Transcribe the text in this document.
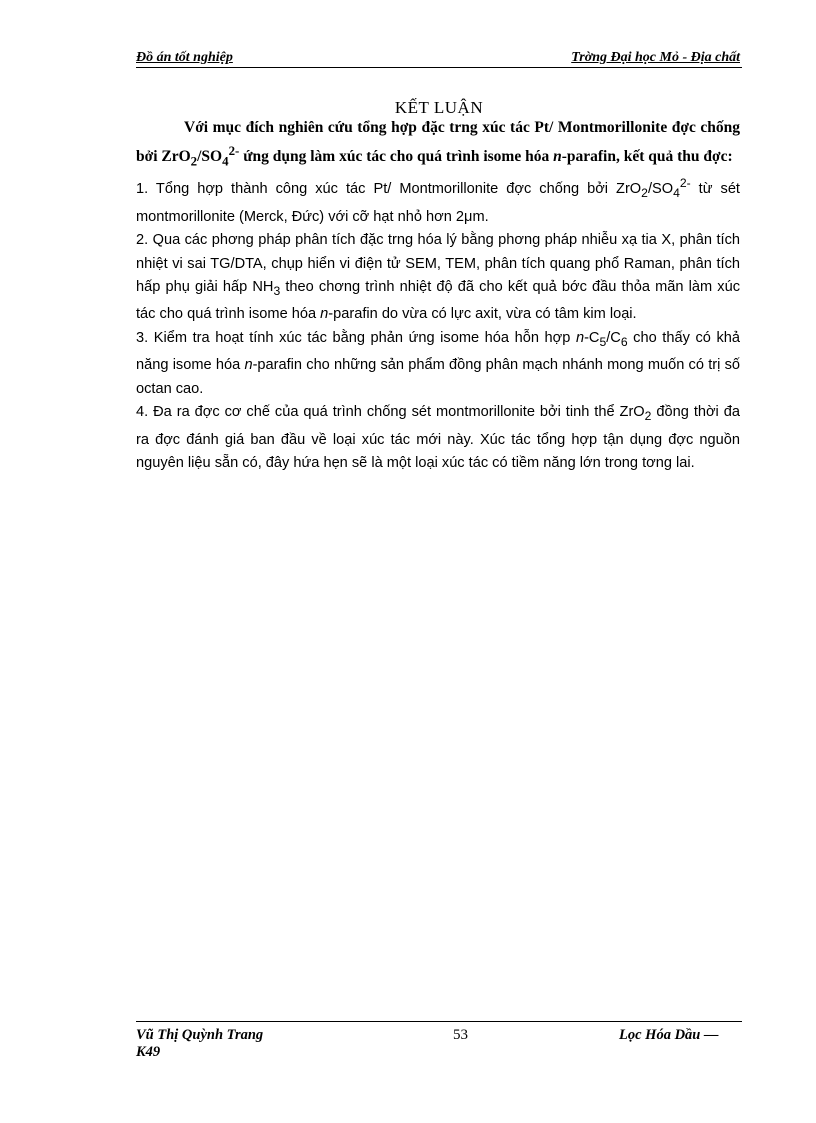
Đồ án tốt nghiệp	Trờng Đại học Mỏ - Địa chất
KẾT LUẬN

Với mục đích nghiên cứu tổng hợp đặc trng xúc tác Pt/ Montmorillonite đợc chống bởi $ZrO_2/SO_4^{2-}$ ứng dụng làm xúc tác cho quá trình isome hóa n-parafin, kết quả thu đợc:

1. Tổng hợp thành công xúc tác Pt/ Montmorillonite đợc chống bởi $ZrO_2/SO_4^{2-}$ từ sét montmorillonite (Merck, Đức) với cỡ hạt nhỏ hơn 2μm.

2. Qua các phơng pháp phân tích đặc trng hóa lý bằng phơng pháp nhiễu xạ tia X, phân tích nhiệt vi sai TG/DTA, chụp hiển vi điện tử SEM, TEM, phân tích quang phổ Raman, phân tích hấp phụ giải hấp $NH_3$ theo chơng trình nhiệt độ đã cho kết quả bớc đầu thỏa mãn làm xúc tác cho quá trình isome hóa n-parafin do vừa có lực axit, vừa có tâm kim loại.

3. Kiểm tra hoạt tính xúc tác bằng phản ứng isome hóa hỗn hợp $n-C_5/C_6$ cho thấy có khả năng isome hóa n-parafin cho những sản phẩm đồng phân mạch nhánh mong muốn có trị số octan cao.

4. Đa ra đợc cơ chế của quá trình chống sét montmorillonite bởi tinh thể ZrO$_2$ đồng thời đa ra đợc đánh giá ban đầu về loại xúc tác mới này. Xúc tác tổng hợp tận dụng đợc nguồn nguyên liệu sẵn có, đây hứa hẹn sẽ là một loại xúc tác có tiềm năng lớn trong tơng lai.

Vũ Thị Quỳnh Trang
K49
53	Lọc Hóa Dầu —
